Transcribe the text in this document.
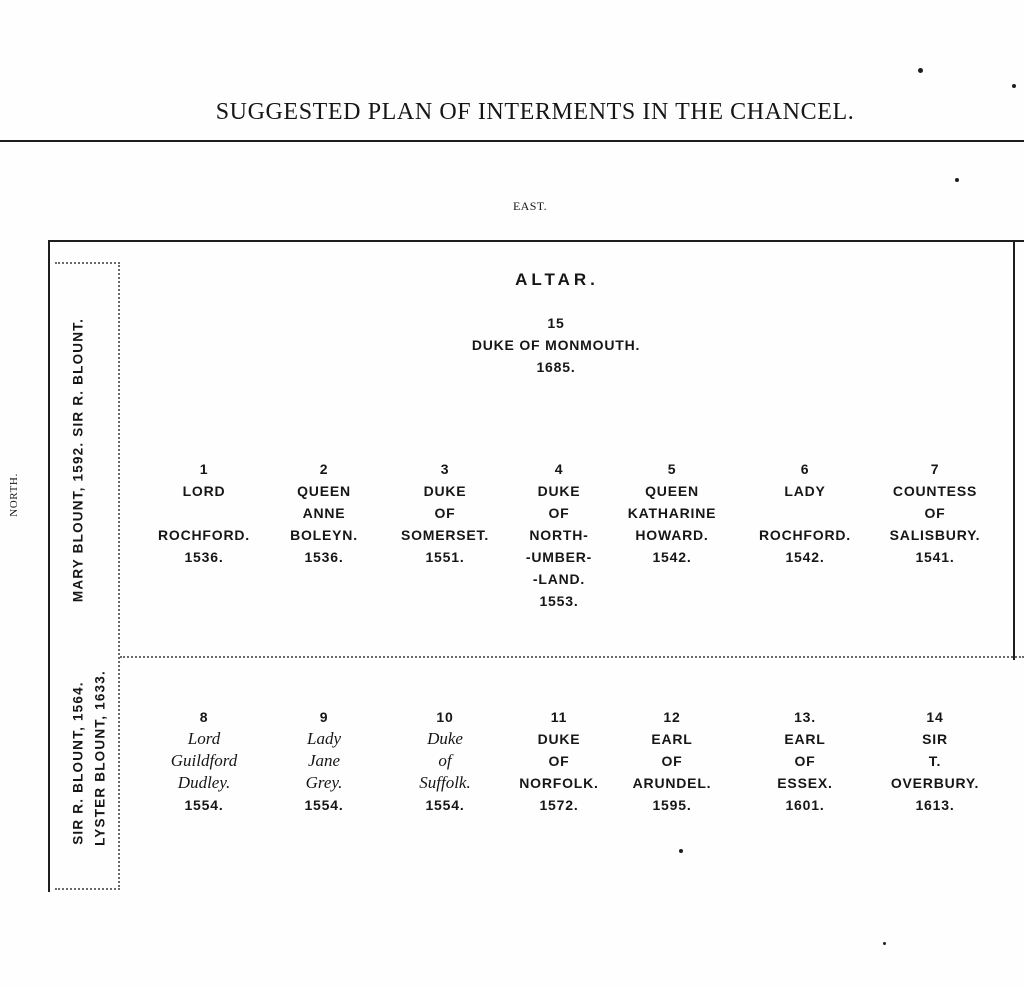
SUGGESTED PLAN OF INTERMENTS IN THE CHANCEL.
EAST.
NORTH.	MARY BLOUNT, 1592. SIR R. BLOUNT.
SIR R. BLOUNT, 1564. LYSTER BLOUNT, 1633.
ALTAR.
15
DUKE OF MONMOUTH.
1685.
1
LORD
ROCHFORD.
1536.
2
QUEEN
ANNE
BOLEYN.
1536.
3
DUKE
OF
SOMERSET.
1551.
4
DUKE
OF
NORTH-
-UMBER-
-LAND.
1553.
5
QUEEN
KATHARINE
HOWARD.
1542.
6
LADY
ROCHFORD.
1542.
7
COUNTESS
OF
SALISBURY.
1541.
8
Lord
Guildford
Dudley.
1554.
9
Lady
Jane
Grey.
1554.
10
Duke
of
Suffolk.
1554.
11
DUKE
OF
NORFOLK.
1572.
12
EARL
OF
ARUNDEL.
1595.
13.
EARL
OF
ESSEX.
1601.
14
SIR
T.
OVERBURY.
1613.
